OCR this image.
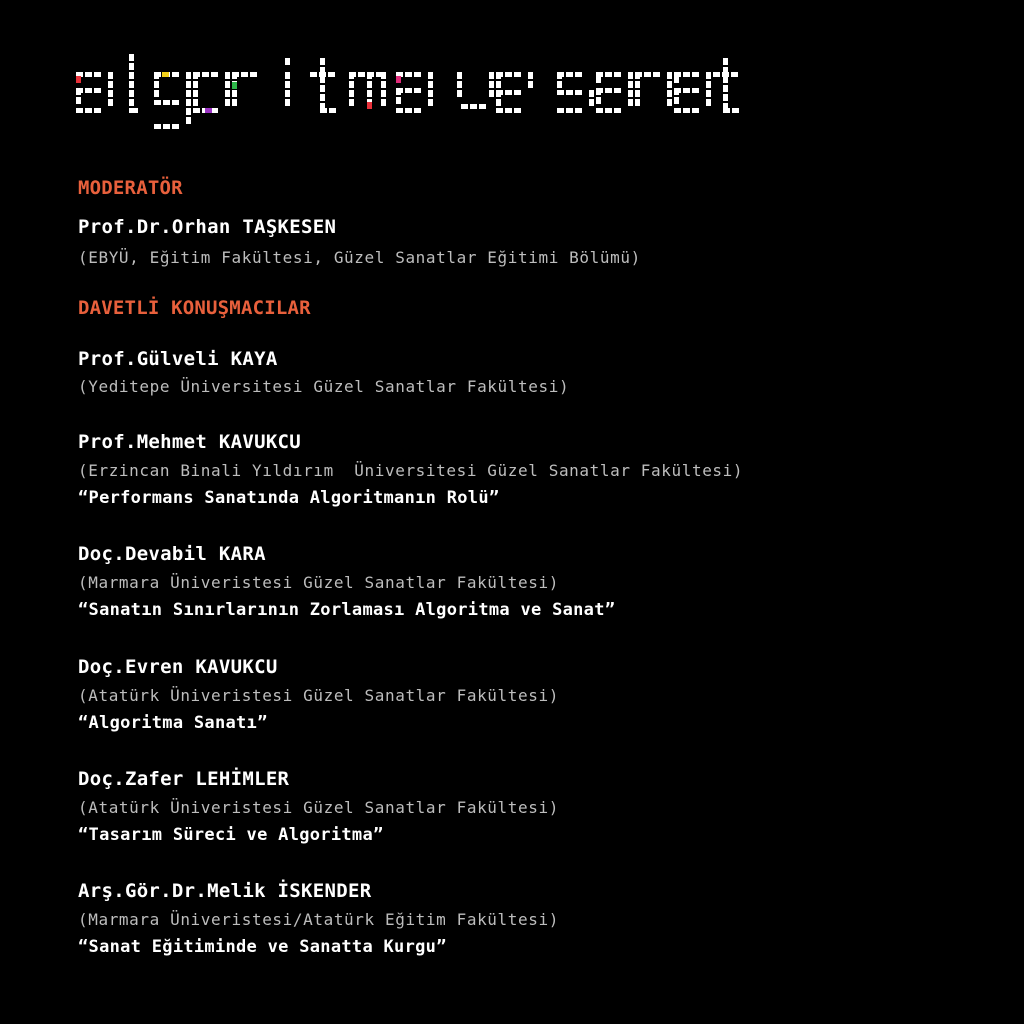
MODERATÖR
Prof.Dr.Orhan TAŞKESEN
(EBYÜ, Eğitim Fakültesi, Güzel Sanatlar Eğitimi Bölümü)
DAVETLİ KONUŞMACILAR
Prof.Gülveli KAYA
(Yeditepe Üniversitesi Güzel Sanatlar Fakültesi)
Prof.Mehmet KAVUKCU
(Erzincan Binali Yıldırım  Üniversitesi Güzel Sanatlar Fakültesi)
“Performans Sanatında Algoritmanın Rolü”
Doç.Devabil KARA
(Marmara Üniveristesi Güzel Sanatlar Fakültesi)
“Sanatın Sınırlarının Zorlaması Algoritma ve Sanat”
Doç.Evren KAVUKCU
(Atatürk Üniveristesi Güzel Sanatlar Fakültesi)
“Algoritma Sanatı”
Doç.Zafer LEHİMLER
(Atatürk Üniveristesi Güzel Sanatlar Fakültesi)
“Tasarım Süreci ve Algoritma”
Arş.Gör.Dr.Melik İSKENDER
(Marmara Üniveristesi/Atatürk Eğitim Fakültesi)
“Sanat Eğitiminde ve Sanatta Kurgu”
